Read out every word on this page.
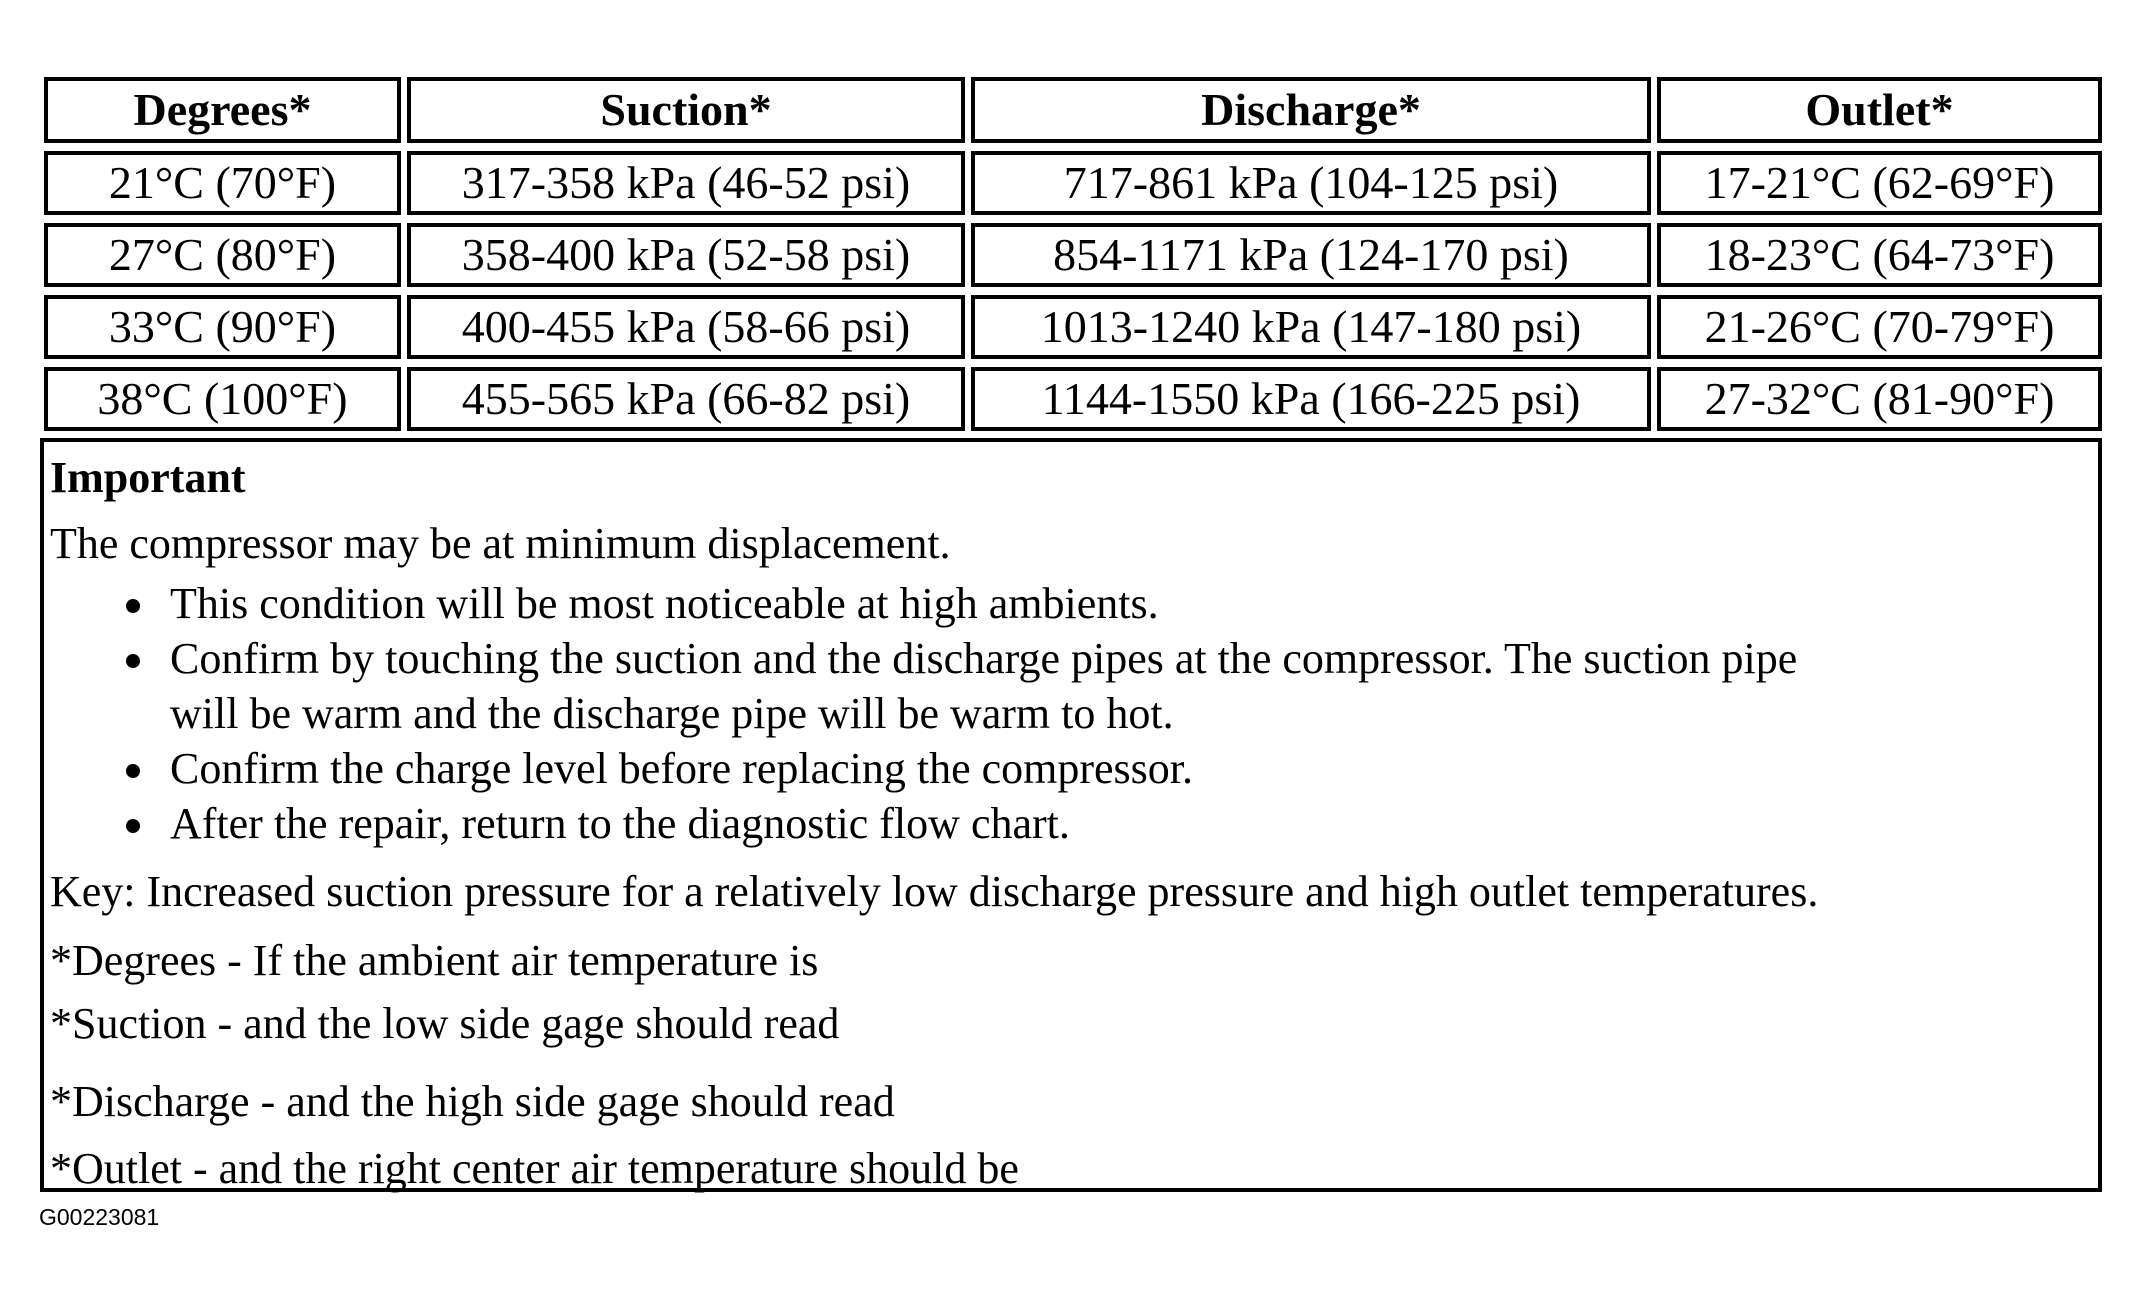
Degrees*	Suction*	Discharge*	Outlet*
21°C (70°F)	317-358 kPa (46-52 psi)	717-861 kPa (104-125 psi)	17-21°C (62-69°F)
27°C (80°F)	358-400 kPa (52-58 psi)	854-1171 kPa (124-170 psi)	18-23°C (64-73°F)
33°C (90°F)	400-455 kPa (58-66 psi)	1013-1240 kPa (147-180 psi)	21-26°C (70-79°F)
38°C (100°F)	455-565 kPa (66-82 psi)	1144-1550 kPa (166-225 psi)	27-32°C (81-90°F)
Important
The compressor may be at minimum displacement.
This condition will be most noticeable at high ambients.
Confirm by touching the suction and the discharge pipes at the compressor. The suction pipe
will be warm and the discharge pipe will be warm to hot.
Confirm the charge level before replacing the compressor.
After the repair, return to the diagnostic flow chart.
Key: Increased suction pressure for a relatively low discharge pressure and high outlet temperatures.
*Degrees - If the ambient air temperature is
*Suction - and the low side gage should read
*Discharge - and the high side gage should read
*Outlet - and the right center air temperature should be
G00223081
